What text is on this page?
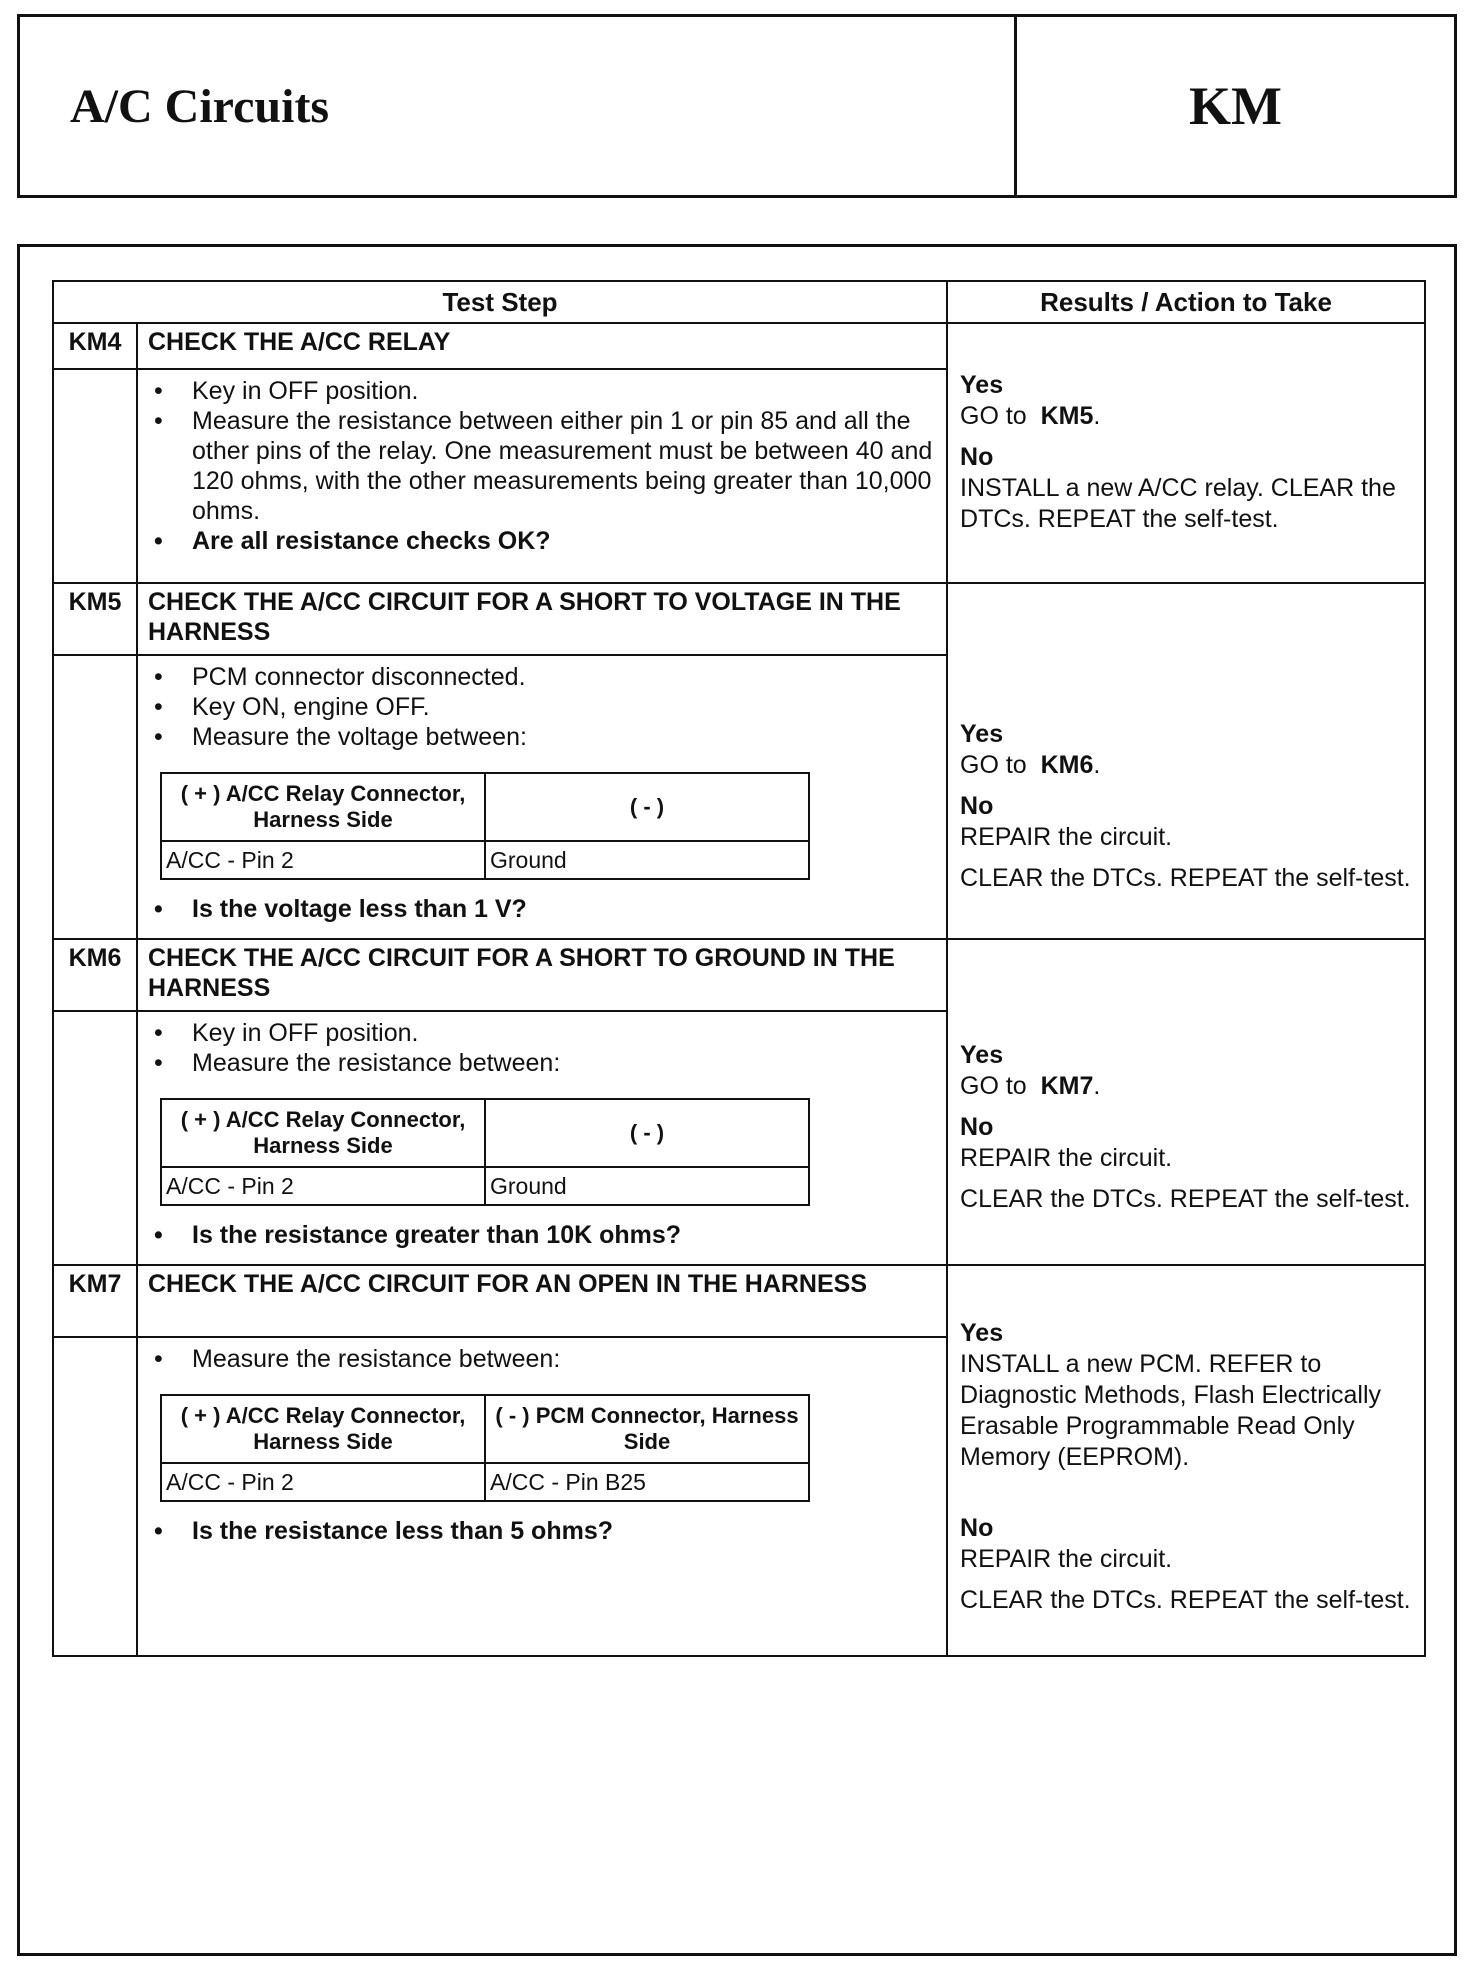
A/C Circuits	KM
Test Step	Results / Action to Take
KM4	CHECK THE A/CC RELAY	
Yes
GO to KM5.
No
INSTALL a new A/CC relay. CLEAR the DTCs. REPEAT the self-test.

• Key in OFF position.
• Measure the resistance between either pin 1 or pin 85 and all the other pins of the relay. One measurement must be between 40 and 120 ohms, with the other measurements being greater than 10,000 ohms.
• Are all resistance checks OK?

KM5	CHECK THE A/CC CIRCUIT FOR A SHORT TO VOLTAGE IN THE HARNESS	
Yes
GO to KM6.
No
REPAIR the circuit.
CLEAR the DTCs. REPEAT the self-test.

• PCM connector disconnected.
• Key ON, engine OFF.
• Measure the voltage between:
( + ) A/CC Relay Connector, Harness Side	( - )
A/CC - Pin 2	Ground
• Is the voltage less than 1 V?

KM6	CHECK THE A/CC CIRCUIT FOR A SHORT TO GROUND IN THE HARNESS	
Yes
GO to KM7.
No
REPAIR the circuit.
CLEAR the DTCs. REPEAT the self-test.

• Key in OFF position.
• Measure the resistance between:
( + ) A/CC Relay Connector, Harness Side	( - )
A/CC - Pin 2	Ground
• Is the resistance greater than 10K ohms?

KM7	CHECK THE A/CC CIRCUIT FOR AN OPEN IN THE HARNESS	
Yes
INSTALL a new PCM. REFER to Diagnostic Methods, Flash Electrically Erasable Programmable Read Only Memory (EEPROM).
No
REPAIR the circuit.
CLEAR the DTCs. REPEAT the self-test.

• Measure the resistance between:
( + ) A/CC Relay Connector, Harness Side	( - ) PCM Connector, Harness Side
A/CC - Pin 2	A/CC - Pin B25
• Is the resistance less than 5 ohms?
